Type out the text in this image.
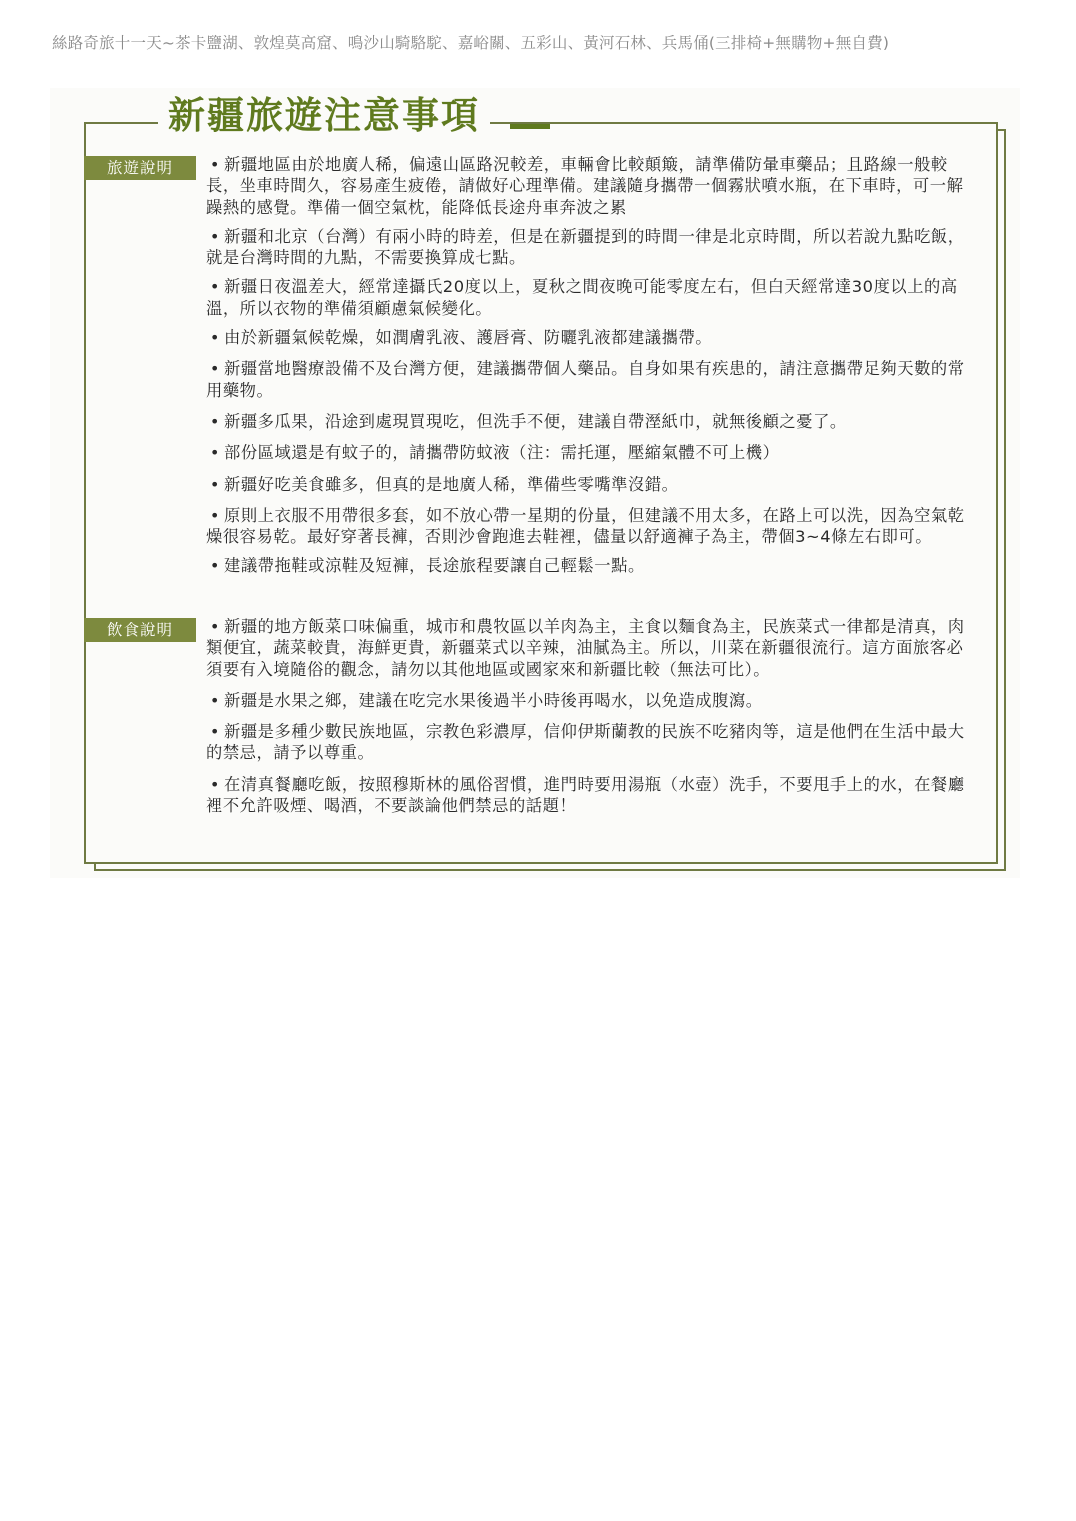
絲路奇旅十一天~茶卡鹽湖、敦煌莫高窟、鳴沙山騎駱駝、嘉峪關、五彩山、黃河石林、兵馬俑(三排椅+無購物+無自費)
新疆旅遊注意事項
旅遊說明	• 新疆地區由於地廣人稀，偏遠山區路況較差，車輛會比較顛簸，請準備防暈車藥品；且路線一般較長，坐車時間久，容易產生疲倦，請做好心理準備。建議隨身攜帶一個霧狀噴水瓶，在下車時，可一解躁熱的感覺。準備一個空氣枕，能降低長途舟車奔波之累

• 新疆和北京（台灣）有兩小時的時差，但是在新疆提到的時間一律是北京時間，所以若說九點吃飯，就是台灣時間的九點，不需要換算成七點。

• 新疆日夜溫差大，經常達攝氏20度以上，夏秋之間夜晚可能零度左右，但白天經常達30度以上的高溫，所以衣物的準備須顧慮氣候變化。

• 由於新疆氣候乾燥，如潤膚乳液、護唇膏、防曬乳液都建議攜帶。

• 新疆當地醫療設備不及台灣方便，建議攜帶個人藥品。自身如果有疾患的，請注意攜帶足夠天數的常用藥物。

• 新疆多瓜果，沿途到處現買現吃，但洗手不便，建議自帶溼紙巾，就無後顧之憂了。

• 部份區域還是有蚊子的，請攜帶防蚊液（注：需托運，壓縮氣體不可上機）

• 新疆好吃美食雖多，但真的是地廣人稀，準備些零嘴準沒錯。

• 原則上衣服不用帶很多套，如不放心帶一星期的份量，但建議不用太多，在路上可以洗，因為空氣乾燥很容易乾。最好穿著長褲，否則沙會跑進去鞋裡，儘量以舒適褲子為主，帶個3~4條左右即可。

• 建議帶拖鞋或涼鞋及短褲，長途旅程要讓自己輕鬆一點。

飲食說明	• 新疆的地方飯菜口味偏重，城市和農牧區以羊肉為主，主食以麵食為主，民族菜式一律都是清真，肉類便宜，蔬菜較貴，海鮮更貴，新疆菜式以辛辣，油膩為主。所以，川菜在新疆很流行。這方面旅客必須要有入境隨俗的觀念，請勿以其他地區或國家來和新疆比較（無法可比）。

• 新疆是水果之鄉，建議在吃完水果後過半小時後再喝水，以免造成腹瀉。

• 新疆是多種少數民族地區，宗教色彩濃厚，信仰伊斯蘭教的民族不吃豬肉等，這是他們在生活中最大的禁忌，請予以尊重。

• 在清真餐廳吃飯，按照穆斯林的風俗習慣，進門時要用湯瓶（水壺）洗手，不要甩手上的水，在餐廳裡不允許吸煙、喝酒，不要談論他們禁忌的話題！
